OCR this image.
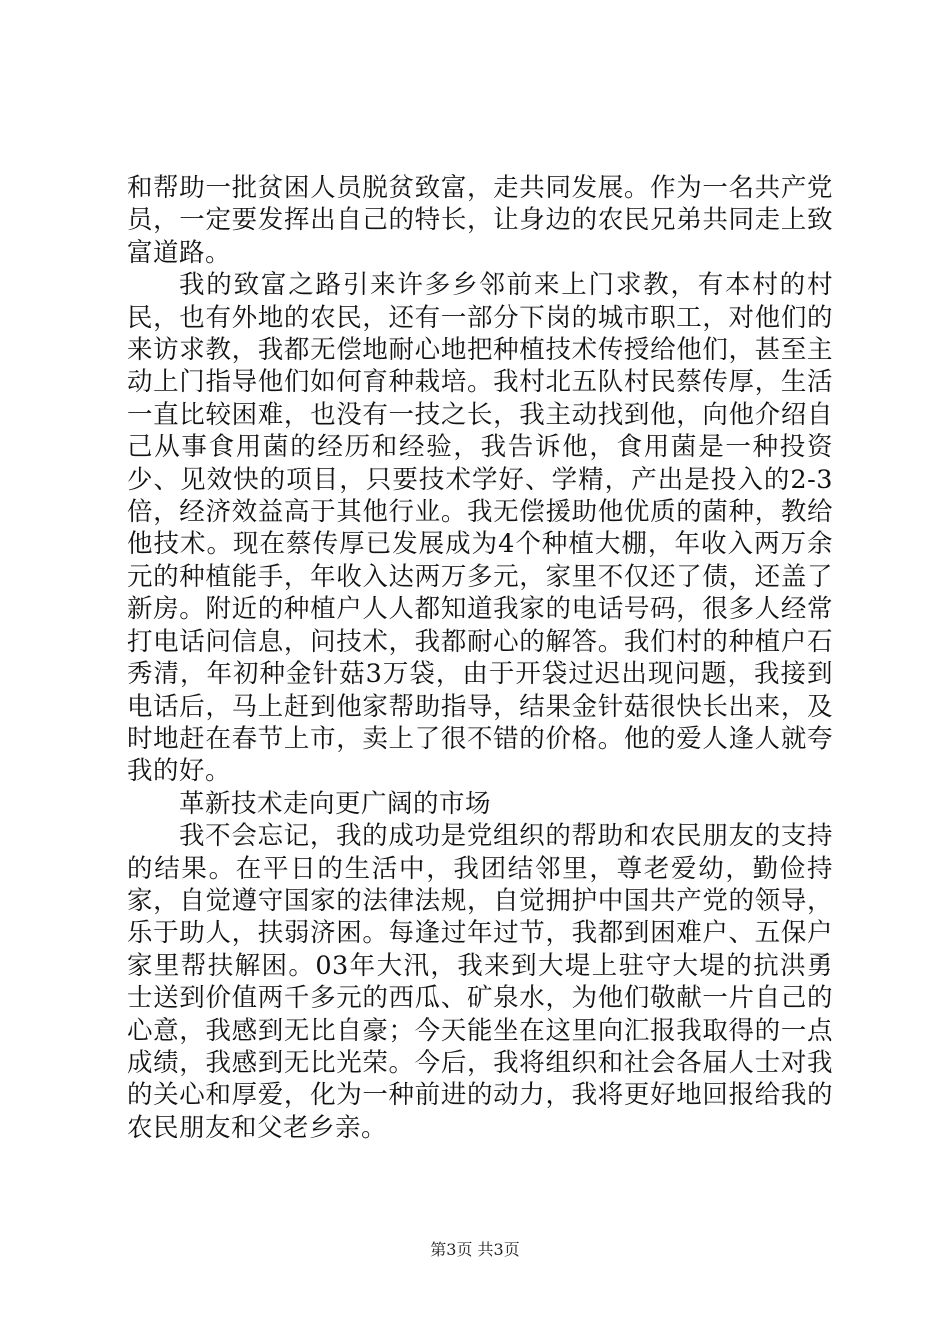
和帮助一批贫困人员脱贫致富，走共同发展。作为一名共产党员，一定要发挥出自己的特长，让身边的农民兄弟共同走上致富道路。

我的致富之路引来许多乡邻前来上门求教，有本村的村民，也有外地的农民，还有一部分下岗的城市职工，对他们的来访求教，我都无偿地耐心地把种植技术传授给他们，甚至主动上门指导他们如何育种栽培。我村北五队村民蔡传厚，生活一直比较困难，也没有一技之长，我主动找到他，向他介绍自己从事食用菌的经历和经验，我告诉他，食用菌是一种投资少、见效快的项目，只要技术学好、学精，产出是投入的2-3倍，经济效益高于其他行业。我无偿援助他优质的菌种，教给他技术。现在蔡传厚已发展成为4个种植大棚，年收入两万余元的种植能手，年收入达两万多元，家里不仅还了债，还盖了新房。附近的种植户人人都知道我家的电话号码，很多人经常打电话问信息，问技术，我都耐心的解答。我们村的种植户石秀清，年初种金针菇3万袋，由于开袋过迟出现问题，我接到电话后，马上赶到他家帮助指导，结果金针菇很快长出来，及时地赶在春节上市，卖上了很不错的价格。他的爱人逢人就夸我的好。

革新技术走向更广阔的市场

我不会忘记，我的成功是党组织的帮助和农民朋友的支持的结果。在平日的生活中，我团结邻里，尊老爱幼，勤俭持家，自觉遵守国家的法律法规，自觉拥护中国共产党的领导，乐于助人，扶弱济困。每逢过年过节，我都到困难户、五保户家里帮扶解困。03年大汛，我来到大堤上驻守大堤的抗洪勇士送到价值两千多元的西瓜、矿泉水，为他们敬献一片自己的心意，我感到无比自豪；今天能坐在这里向汇报我取得的一点成绩，我感到无比光荣。今后，我将组织和社会各届人士对我的关心和厚爱，化为一种前进的动力，我将更好地回报给我的农民朋友和父老乡亲。

第3页 共3页
